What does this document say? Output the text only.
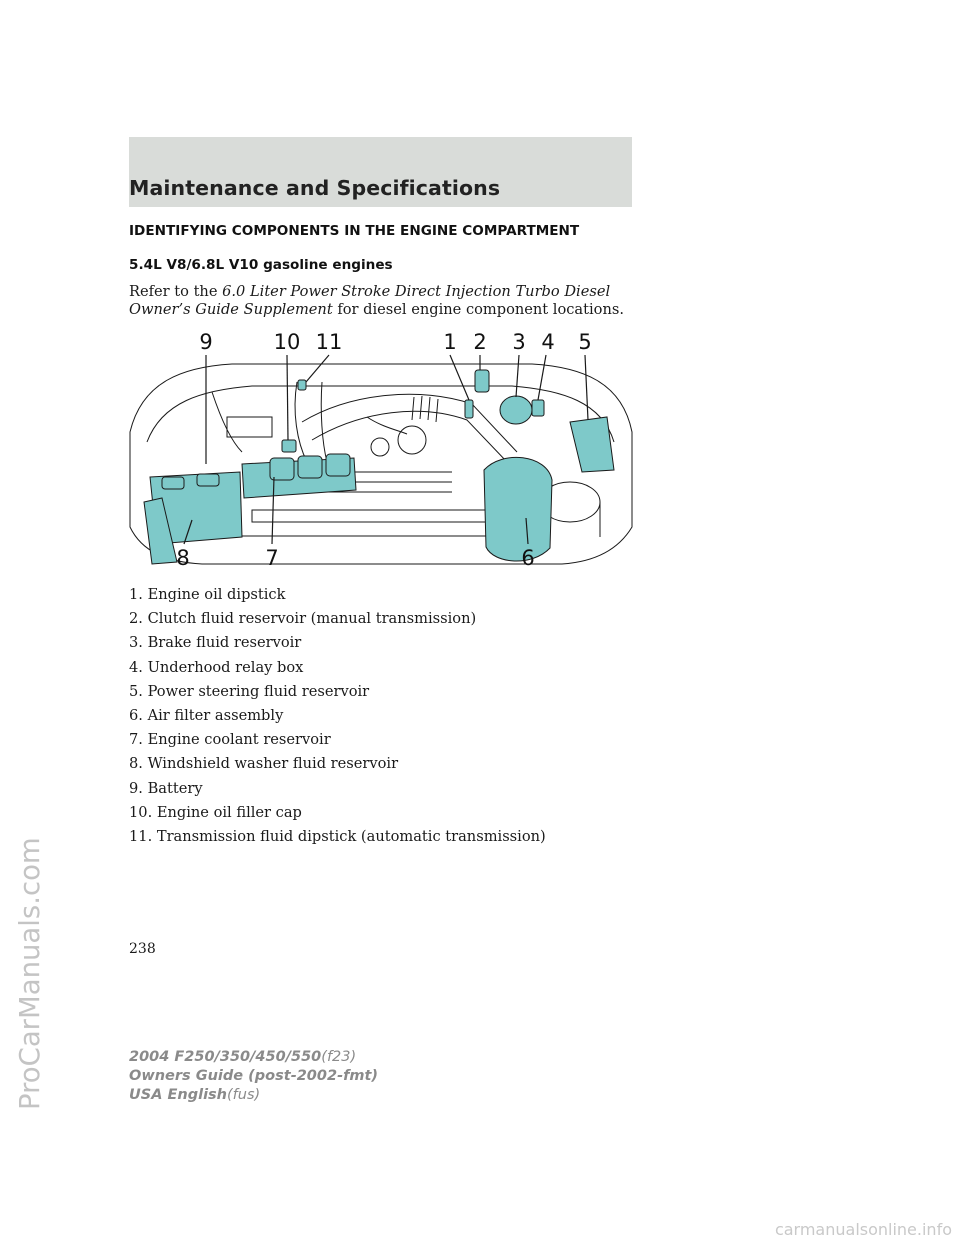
Maintenance and Specifications
IDENTIFYING COMPONENTS IN THE ENGINE COMPARTMENT
5.4L V8/6.8L V10 gasoline engines
Refer to the 6.0 Liter Power Stroke Direct Injection Turbo Diesel Owner’s Guide Supplement for diesel engine component locations.
9	10 11	1 2 3 4 5
8	7	6
1. Engine oil dipstick
2. Clutch fluid reservoir (manual transmission)
3. Brake fluid reservoir
4. Underhood relay box
5. Power steering fluid reservoir
6. Air filter assembly
7. Engine coolant reservoir
8. Windshield washer fluid reservoir
9. Battery
10. Engine oil filler cap
11. Transmission fluid dipstick (automatic transmission)
238
2004 F250/350/450/550(f23)
Owners Guide (post-2002-fmt)
USA English(fus)
ProCarManuals.com
carmanualsonline.info
